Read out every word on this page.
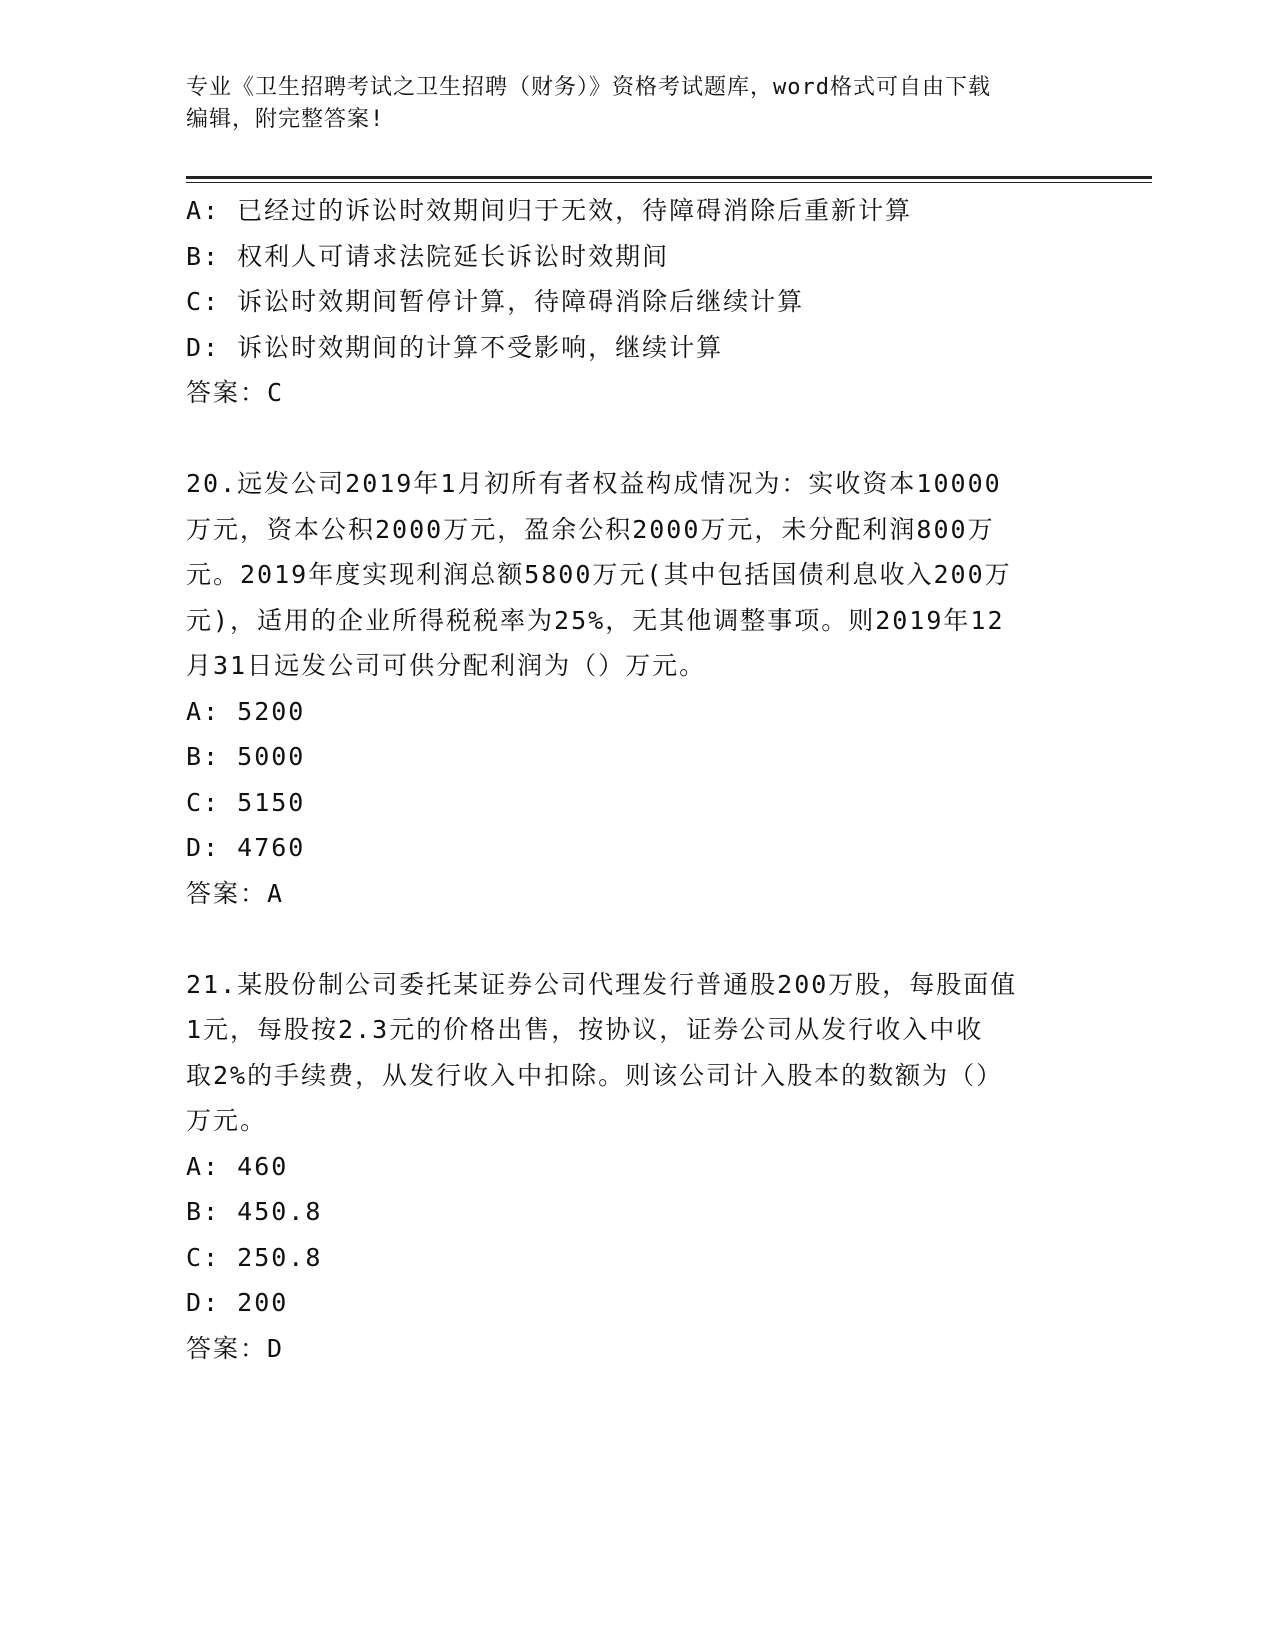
专业《卫生招聘考试之卫生招聘（财务）》资格考试题库，word格式可自由下载
编辑，附完整答案!
A: 已经过的诉讼时效期间归于无效，待障碍消除后重新计算
B: 权利人可请求法院延长诉讼时效期间
C: 诉讼时效期间暂停计算，待障碍消除后继续计算
D: 诉讼时效期间的计算不受影响，继续计算
答案：C
20.远发公司2019年1月初所有者权益构成情况为：实收资本10000
万元，资本公积2000万元，盈余公积2000万元，未分配利润800万
元。2019年度实现利润总额5800万元(其中包括国债利息收入200万
元)，适用的企业所得税税率为25%，无其他调整事项。则2019年12
月31日远发公司可供分配利润为（）万元。
A: 5200
B: 5000
C: 5150
D: 4760
答案：A
21.某股份制公司委托某证券公司代理发行普通股200万股，每股面值
1元，每股按2.3元的价格出售，按协议，证券公司从发行收入中收
取2%的手续费，从发行收入中扣除。则该公司计入股本的数额为（）
万元。
A: 460
B: 450.8
C: 250.8
D: 200
答案：D
